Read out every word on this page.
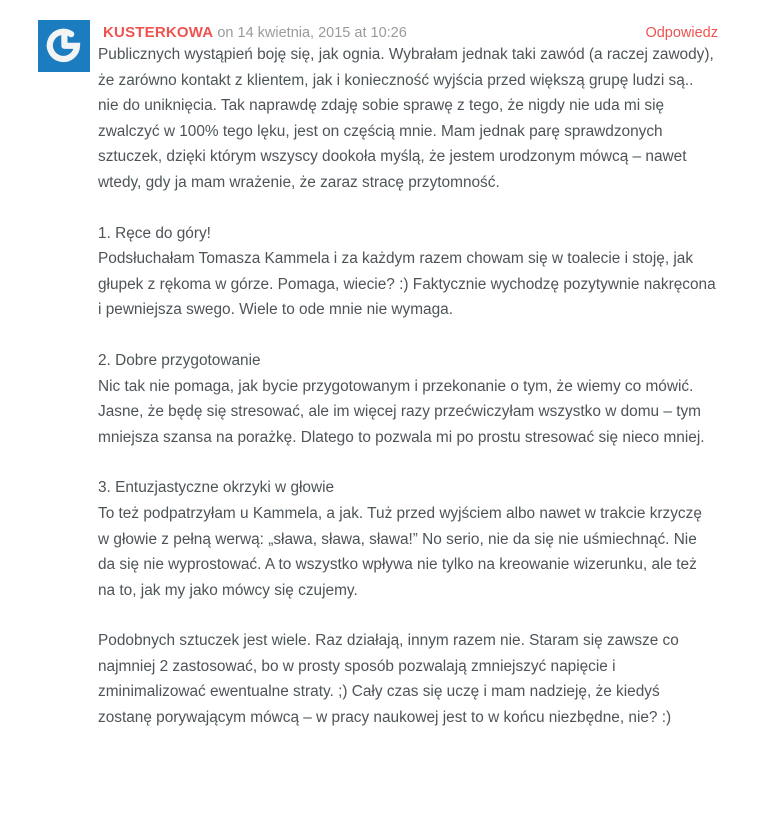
KUSTERKOWA on 14 kwietnia, 2015 at 10:26	Odpowiedz

Publicznych wystąpień boję się, jak ognia. Wybrałam jednak taki zawód (a raczej zawody), że zarówno kontakt z klientem, jak i konieczność wyjścia przed większą grupę ludzi są.. nie do uniknięcia. Tak naprawdę zdaję sobie sprawę z tego, że nigdy nie uda mi się zwalczyć w 100% tego lęku, jest on częścią mnie. Mam jednak parę sprawdzonych sztuczek, dzięki którym wszyscy dookoła myślą, że jestem urodzonym mówcą – nawet wtedy, gdy ja mam wrażenie, że zaraz stracę przytomność.

1. Ręce do góry!
Podsłuchałam Tomasza Kammela i za każdym razem chowam się w toalecie i stoję, jak głupek z rękoma w górze. Pomaga, wiecie? :) Faktycznie wychodzę pozytywnie nakręcona i pewniejsza swego. Wiele to ode mnie nie wymaga.

2. Dobre przygotowanie
Nic tak nie pomaga, jak bycie przygotowanym i przekonanie o tym, że wiemy co mówić. Jasne, że będę się stresować, ale im więcej razy przećwiczyłam wszystko w domu – tym mniejsza szansa na porażkę. Dlatego to pozwala mi po prostu stresować się nieco mniej.

3. Entuzjastyczne okrzyki w głowie
To też podpatrzyłam u Kammela, a jak. Tuż przed wyjściem albo nawet w trakcie krzyczę w głowie z pełną werwą: „sława, sława, sława!” No serio, nie da się nie uśmiechnąć. Nie da się nie wyprostować. A to wszystko wpływa nie tylko na kreowanie wizerunku, ale też na to, jak my jako mówcy się czujemy.

Podobnych sztuczek jest wiele. Raz działają, innym razem nie. Staram się zawsze co najmniej 2 zastosować, bo w prosty sposób pozwalają zmniejszyć napięcie i zminimalizować ewentualne straty. ;) Cały czas się uczę i mam nadzieję, że kiedyś zostanę porywającym mówcą – w pracy naukowej jest to w końcu niezbędne, nie? :)
